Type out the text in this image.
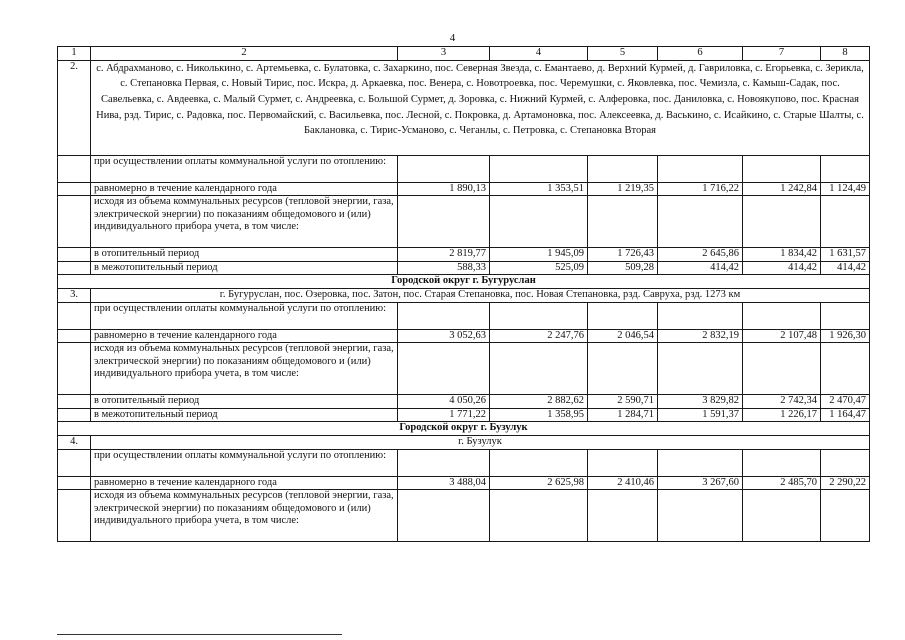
4
1	2	3	4	5	6	7	8
2.	с. Абдрахманово, с. Николькино, с. Артемьевка, с. Булатовка, с. Захаркино, пос. Северная Звезда, с. Емантаево, д. Верхний Курмей, д. Гавриловка, с. Егорьевка, с. Зерикла, с. Степановка Первая, с. Новый Тирис, пос. Искра, д. Аркаевка, пос. Венера, с. Новотроевка, пос. Черемушки, с. Яковлевка, пос. Чемизла, с. Камыш-Садак, пос. Савельевка, с. Авдеевка, с. Малый Сурмет, с. Андреевка, с. Большой Сурмет, д. Зоровка, с. Нижний Курмей, с. Алферовка, пос. Даниловка, с. Новоякупово, пос. Красная Нива, рзд. Тирис, с. Радовка, пос. Первомайский, с. Васильевка, пос. Лесной, с. Покровка, д. Артамоновка, пос. Алексеевка, д. Васькино, с. Исайкино, с. Старые Шалты, с. Баклановка, с. Тирис-Усманово, с. Чеганлы, с. Петровка, с. Степановка Вторая						
	при осуществлении оплаты коммунальной услуги по отоплению:						
	равномерно в течение календарного года	1 890,13	1 353,51	1 219,35	1 716,22	1 242,84	1 124,49
	исходя из объема коммунальных ресурсов (тепловой энергии, газа, электрической энергии) по показаниям общедомового и (или) индивидуального прибора учета, в том числе:						
	в отопительный период	2 819,77	1 945,09	1 726,43	2 645,86	1 834,42	1 631,57
	в межотопительный период	588,33	525,09	509,28	414,42	414,42	414,42
Городской округ г. Бугуруслан							
3.	г. Бугуруслан, пос. Озеровка, пос. Затон, пос. Старая Степановка, пос. Новая Степановка, рзд. Савруха, рзд. 1273 км						
	при осуществлении оплаты коммунальной услуги по отоплению:						
	равномерно в течение календарного года	3 052,63	2 247,76	2 046,54	2 832,19	2 107,48	1 926,30
	исходя из объема коммунальных ресурсов (тепловой энергии, газа, электрической энергии) по показаниям общедомового и (или) индивидуального прибора учета, в том числе:						
	в отопительный период	4 050,26	2 882,62	2 590,71	3 829,82	2 742,34	2 470,47
	в межотопительный период	1 771,22	1 358,95	1 284,71	1 591,37	1 226,17	1 164,47
Городской округ г. Бузулук							
4.	г. Бузулук						
	при осуществлении оплаты коммунальной услуги по отоплению:						
	равномерно в течение календарного года	3 488,04	2 625,98	2 410,46	3 267,60	2 485,70	2 290,22
	исходя из объема коммунальных ресурсов (тепловой энергии, газа, электрической энергии) по показаниям общедомового и (или) индивидуального прибора учета, в том числе:						
